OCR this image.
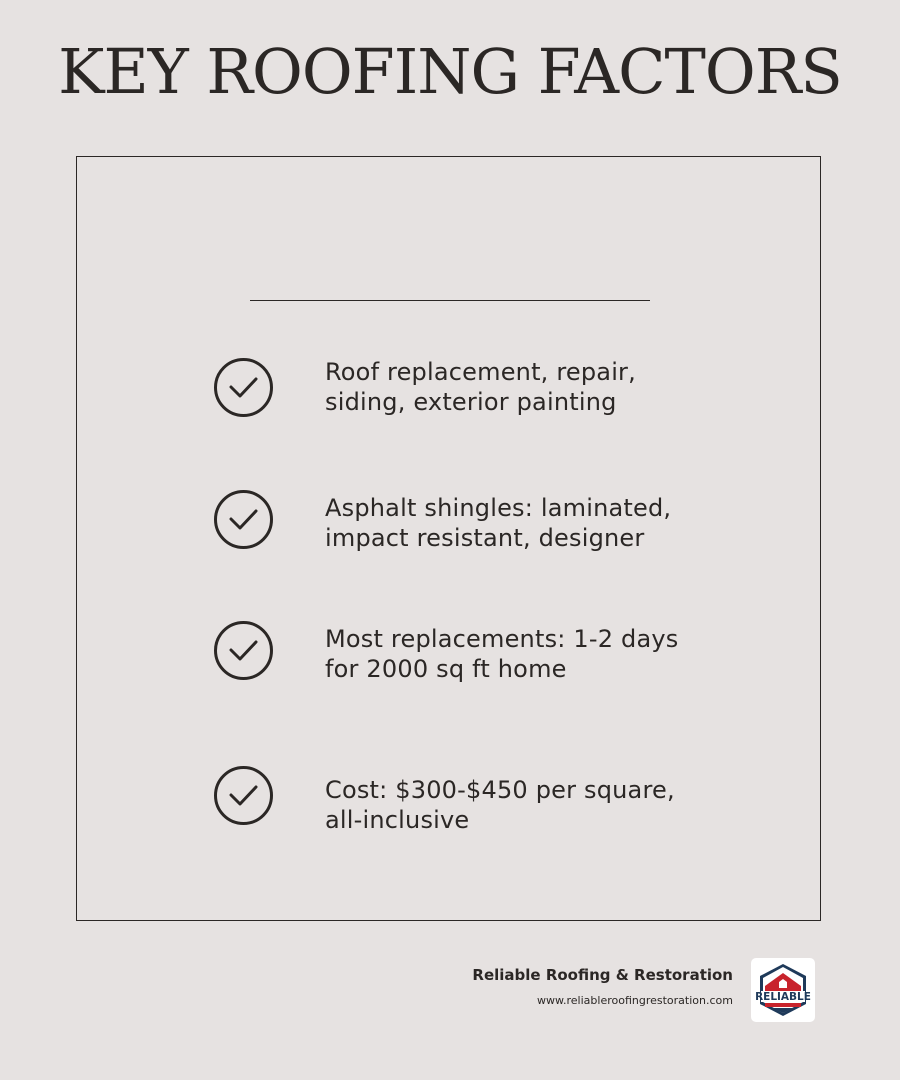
KEY ROOFING FACTORS
Roof replacement, repair,
siding, exterior painting
Asphalt shingles: laminated,
impact resistant, designer
Most replacements: 1-2 days
for 2000 sq ft home
Cost: $300-$450 per square,
all-inclusive
Reliable Roofing & Restoration
www.reliableroofingrestoration.com RELIABLE
